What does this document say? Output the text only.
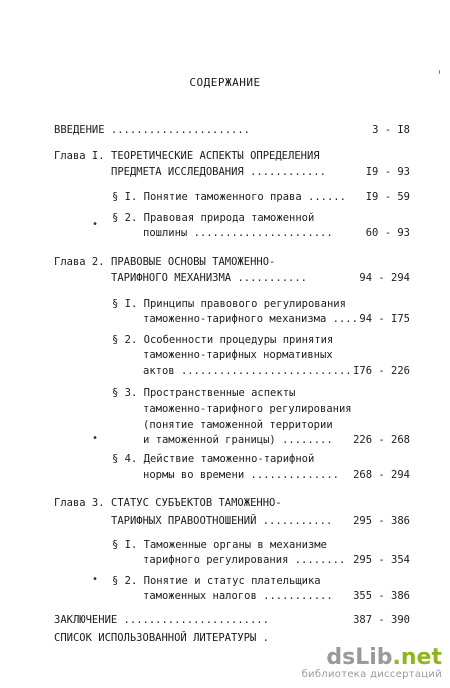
СОДЕРЖАНИЕ
ВВЕДЕНИЕ ......................	3 - I8
Глава I. ТЕОРЕТИЧЕСКИЕ АСПЕКТЫ ОПРЕДЕЛЕНИЯ
ПРЕДМЕТА ИССЛЕДОВАНИЯ ............	I9 - 93
§ I. Понятие таможенного права ......	I9 - 59
•
§ 2. Правовая природа таможенной
пошлины ......................	60 - 93
Глава 2. ПРАВОВЫЕ ОСНОВЫ ТАМОЖЕННО-
ТАРИФНОГО МЕХАНИЗМА ...........	94 - 294
§ I. Принципы правового регулирования
таможенно-тарифного механизма .... 94 - I75
§ 2. Особенности процедуры принятия
таможенно-тарифных нормативных
актов ........................... I76 - 226
§ 3. Пространственные аспекты
таможенно-тарифного регулирования
(понятие таможенной территории
•	и таможенной границы) ........	226 - 268
§ 4. Действие таможенно-тарифной
нормы во времени ..............	268 - 294
Глава 3. СТАТУС СУБЪЕКТОВ ТАМОЖЕННО-
ТАРИФНЫХ ПРАВООТНОШЕНИЙ ...........	295 - 386
§ I. Таможенные органы в механизме
тарифного регулирования ........ 295 - 354
• § 2. Понятие и статус плательщика
таможенных налогов ...........	355 - 386
ЗАКЛЮЧЕНИЕ .......................	387 - 390
СПИСОК ИСПОЛЬЗОВАННОЙ ЛИТЕРАТУРЫ .
dsLib.net
библиотека диссертаций
